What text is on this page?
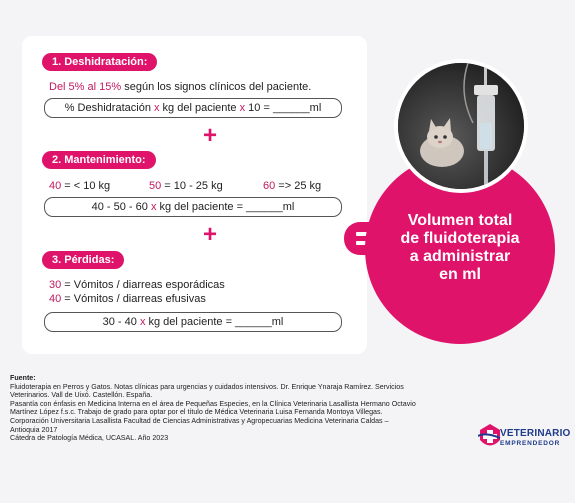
1. Deshidratación:
Del 5% al 15% según los signos clínicos del paciente.
% Deshidratación x kg del paciente x 10 = ______ml
+
2. Mantenimiento:
40 = < 10 kg	50 = 10 - 25 kg	60 => 25 kg
40 - 50 - 60 x kg del paciente = ______ml
+
3. Pérdidas:
30 = Vómitos / diarreas esporádicas
40 = Vómitos / diarreas efusivas
30 - 40 x kg del paciente = ______ml
Volumen total
de fluidoterapia
a administrar
en ml
Fuente:
Fluidoterapia en Perros y Gatos. Notas clínicas para urgencias y cuidados intensivos. Dr. Enrique Ynaraja Ramírez. Servicios
Veterinarios. Vall de Uixó. Castellón. España.
Pasantía con énfasis en Medicina Interna en el área de Pequeñas Especies, en la Clínica Veterinaria Lasallista Hermano Octavio
Martínez López f.s.c. Trabajo de grado para optar por el título de Médica Veterinaria Luisa Fernanda Montoya Villegas.
Corporación Universitaria Lasallista Facultad de Ciencias Administrativas y Agropecuarias Medicina Veterinaria Caldas –
Antioquia 2017
Cátedra de Patología Médica, UCASAL. Año 2023	VETERINARIO
EMPRENDEDOR
